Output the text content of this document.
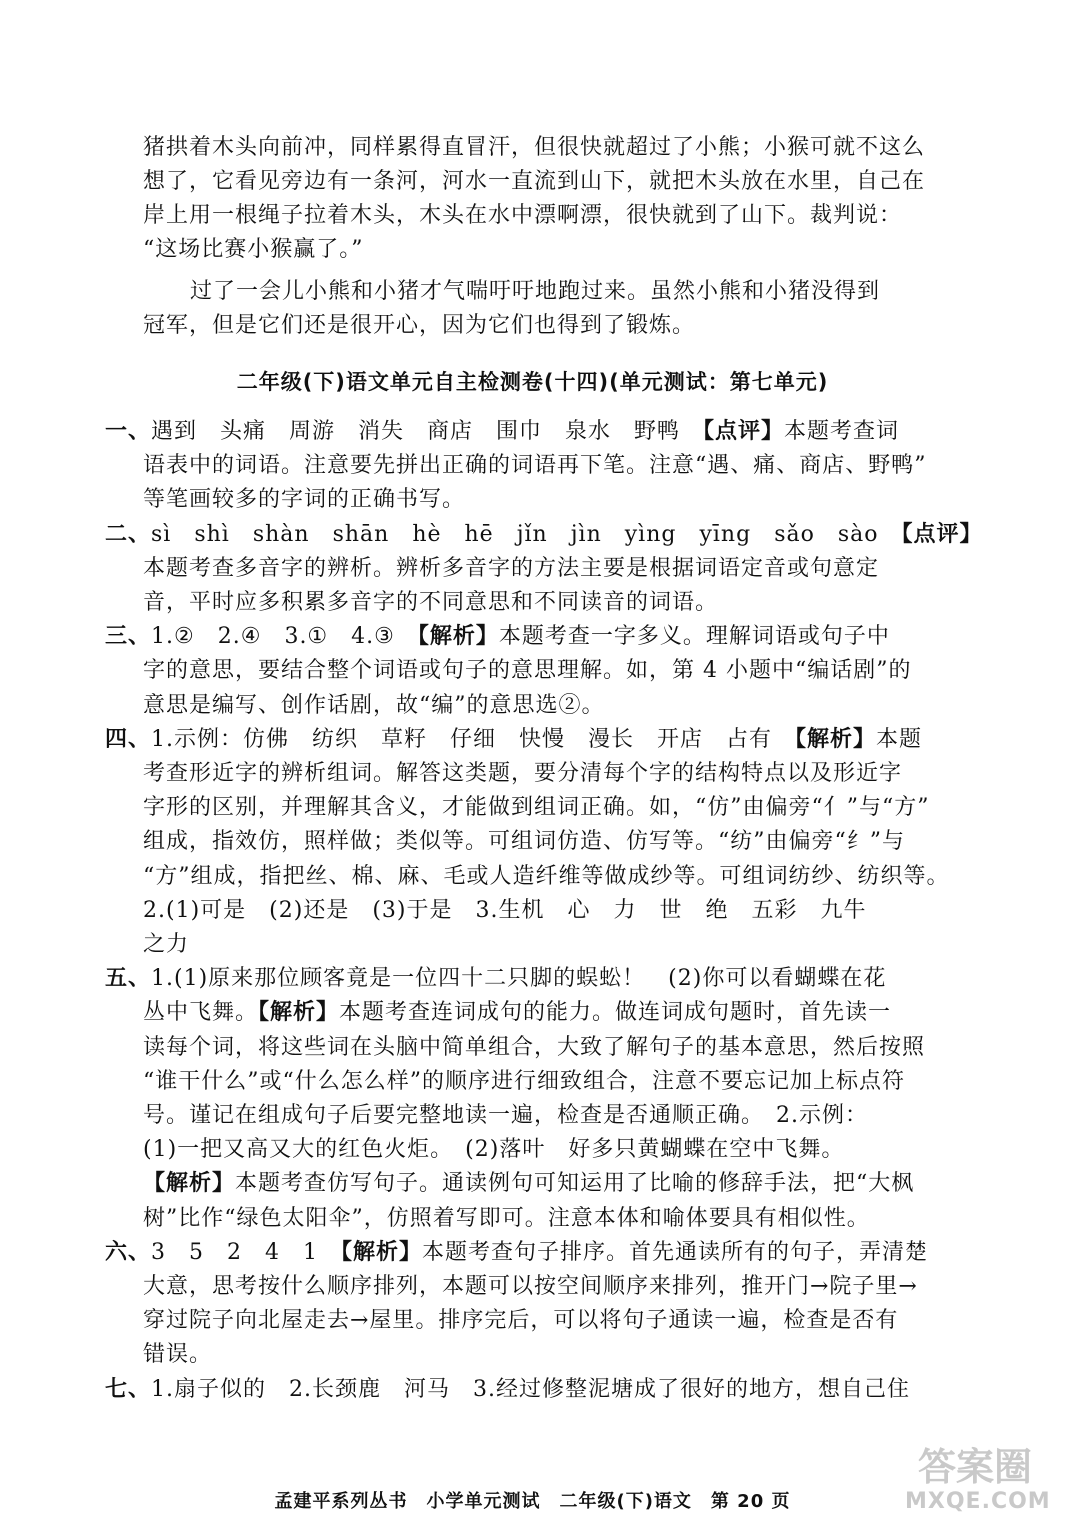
猪拱着木头向前冲，同样累得直冒汗，但很快就超过了小熊；小猴可就不这么
想了，它看见旁边有一条河，河水一直流到山下，就把木头放在水里，自己在
岸上用一根绳子拉着木头，木头在水中漂啊漂，很快就到了山下。裁判说：
“这场比赛小猴赢了。”
过了一会儿小熊和小猪才气喘吁吁地跑过来。虽然小熊和小猪没得到
冠军，但是它们还是很开心，因为它们也得到了锻炼。
二年级(下)语文单元自主检测卷(十四)(单元测试：第七单元)
一、遇到　头痛　周游　消失　商店　围巾　泉水　野鸭　【点评】本题考查词
语表中的词语。注意要先拼出正确的词语再下笔。注意“遇、痛、商店、野鸭”
等笔画较多的字词的正确书写。
二、sì　shì　shàn　shān　hè　hē　jǐn　jìn　yìng　yīng　sǎo　sào　【点评】
本题考查多音字的辨析。辨析多音字的方法主要是根据词语定音或句意定
音，平时应多积累多音字的不同意思和不同读音的词语。
三、1.②　2.④　3.①　4.③　【解析】本题考查一字多义。理解词语或句子中
字的意思，要结合整个词语或句子的意思理解。如，第 4 小题中“编话剧”的
意思是编写、创作话剧，故“编”的意思选②。
四、1.示例：仿佛　纺织　草籽　仔细　快慢　漫长　开店　占有　【解析】本题
考查形近字的辨析组词。解答这类题，要分清每个字的结构特点以及形近字
字形的区别，并理解其含义，才能做到组词正确。如，“仿”由偏旁“亻”与“方”
组成，指效仿，照样做；类似等。可组词仿造、仿写等。“纺”由偏旁“纟”与
“方”组成，指把丝、棉、麻、毛或人造纤维等做成纱等。可组词纺纱、纺织等。
2.(1)可是　(2)还是　(3)于是　3.生机　心　力　世　绝　五彩　九牛
之力
五、1.(1)原来那位顾客竟是一位四十二只脚的蜈蚣！　(2)你可以看蝴蝶在花
丛中飞舞。【解析】本题考查连词成句的能力。做连词成句题时，首先读一
读每个词，将这些词在头脑中简单组合，大致了解句子的基本意思，然后按照
“谁干什么”或“什么怎么样”的顺序进行细致组合，注意不要忘记加上标点符
号。谨记在组成句子后要完整地读一遍，检查是否通顺正确。　2.示例：
(1)一把又高又大的红色火炬。　(2)落叶　好多只黄蝴蝶在空中飞舞。
【解析】本题考查仿写句子。通读例句可知运用了比喻的修辞手法，把“大枫
树”比作“绿色太阳伞”，仿照着写即可。注意本体和喻体要具有相似性。
六、3　5　2　4　1　【解析】本题考查句子排序。首先通读所有的句子，弄清楚
大意，思考按什么顺序排列，本题可以按空间顺序来排列，推开门→院子里→
穿过院子向北屋走去→屋里。排序完后，可以将句子通读一遍，检查是否有
错误。
七、1.扇子似的　2.长颈鹿　河马　3.经过修整泥塘成了很好的地方，想自己住
孟建平系列丛书　小学单元测试　二年级(下)语文　第 20 页
答案圈
MXQE.COM
